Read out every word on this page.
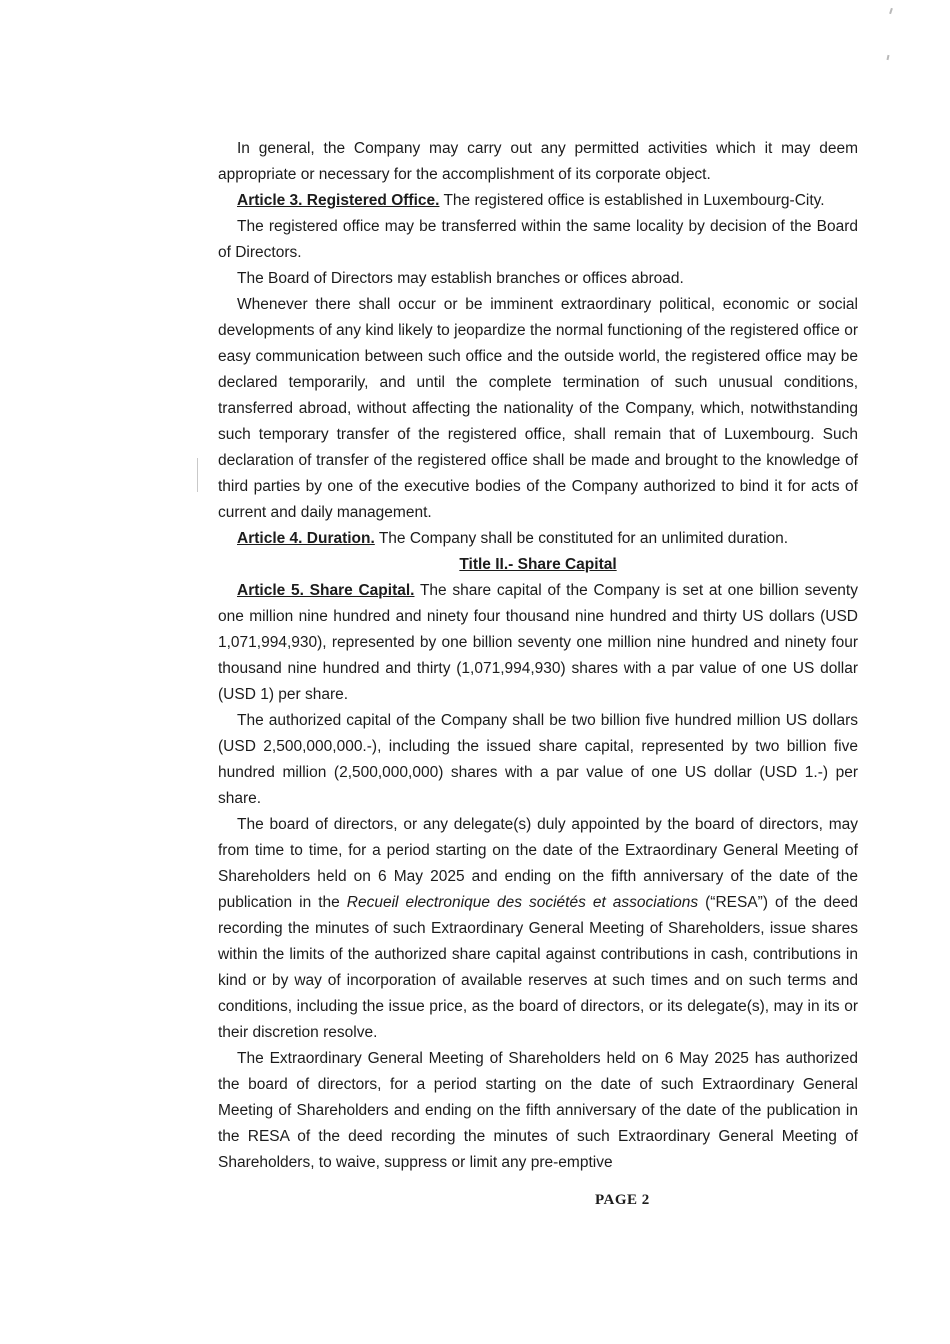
In general, the Company may carry out any permitted activities which it may deem appropriate or necessary for the accomplishment of its corporate object.

Article 3. Registered Office. The registered office is established in Luxembourg-City.

The registered office may be transferred within the same locality by decision of the Board of Directors.

The Board of Directors may establish branches or offices abroad.

Whenever there shall occur or be imminent extraordinary political, economic or social developments of any kind likely to jeopardize the normal functioning of the registered office or easy communication between such office and the outside world, the registered office may be declared temporarily, and until the complete termination of such unusual conditions, transferred abroad, without affecting the nationality of the Company, which, notwithstanding such temporary transfer of the registered office, shall remain that of Luxembourg. Such declaration of transfer of the registered office shall be made and brought to the knowledge of third parties by one of the executive bodies of the Company authorized to bind it for acts of current and daily management.

Article 4. Duration. The Company shall be constituted for an unlimited duration.

Title II.- Share Capital

Article 5. Share Capital. The share capital of the Company is set at one billion seventy one million nine hundred and ninety four thousand nine hundred and thirty US dollars (USD 1,071,994,930), represented by one billion seventy one million nine hundred and ninety four thousand nine hundred and thirty (1,071,994,930) shares with a par value of one US dollar (USD 1) per share.

The authorized capital of the Company shall be two billion five hundred million US dollars (USD 2,500,000,000.-), including the issued share capital, represented by two billion five hundred million (2,500,000,000) shares with a par value of one US dollar (USD 1.-) per share.

The board of directors, or any delegate(s) duly appointed by the board of directors, may from time to time, for a period starting on the date of the Extraordinary General Meeting of Shareholders held on 6 May 2025 and ending on the fifth anniversary of the date of the publication in the Recueil electronique des sociétés et associations (“RESA”) of the deed recording the minutes of such Extraordinary General Meeting of Shareholders, issue shares within the limits of the authorized share capital against contributions in cash, contributions in kind or by way of incorporation of available reserves at such times and on such terms and conditions, including the issue price, as the board of directors, or its delegate(s), may in its or their discretion resolve.

The Extraordinary General Meeting of Shareholders held on 6 May 2025 has authorized the board of directors, for a period starting on the date of such Extraordinary General Meeting of Shareholders and ending on the fifth anniversary of the date of the publication in the RESA of the deed recording the minutes of such Extraordinary General Meeting of Shareholders, to waive, suppress or limit any pre-emptive

PAGE 2
